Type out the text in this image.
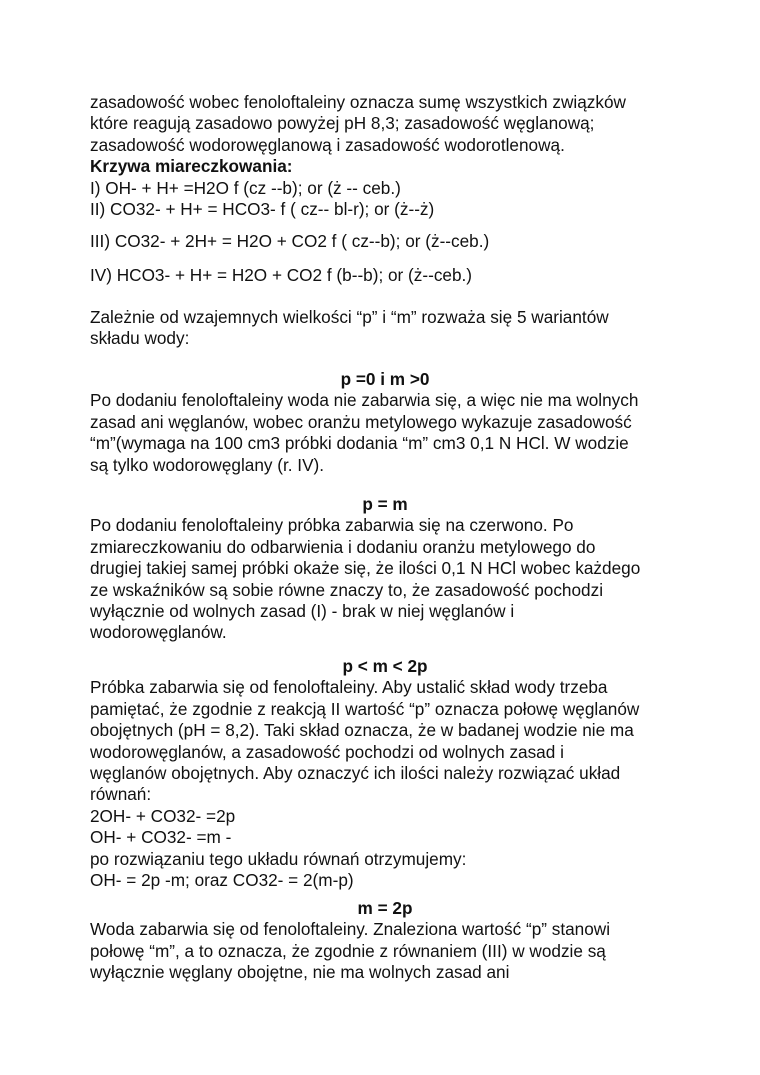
zasadowość wobec fenoloftaleiny oznacza sumę wszystkich związków
które reagują zasadowo powyżej pH 8,3; zasadowość węglanową;
zasadowość wodorowęglanową i zasadowość wodorotlenową.
Krzywa miareczkowania:
I) OH- + H+ =H2O f (cz --b); or (ż -- ceb.)
II) CO32- + H+ = HCO3- f ( cz-- bl-r); or (ż--ż)
III) CO32- + 2H+ = H2O + CO2 f ( cz--b); or (ż--ceb.)
IV) HCO3- + H+ = H2O + CO2 f (b--b); or (ż--ceb.)
Zależnie od wzajemnych wielkości “p” i “m” rozważa się 5 wariantów
składu wody:
p =0 i m >0
Po dodaniu fenoloftaleiny woda nie zabarwia się, a więc nie ma wolnych
zasad ani węglanów, wobec oranżu metylowego wykazuje zasadowość
“m”(wymaga na 100 cm3 próbki dodania “m” cm3 0,1 N HCl. W wodzie
są tylko wodorowęglany (r. IV).
p = m
Po dodaniu fenoloftaleiny próbka zabarwia się na czerwono. Po
zmiareczkowaniu do odbarwienia i dodaniu oranżu metylowego do
drugiej takiej samej próbki okaże się, że ilości 0,1 N HCl wobec każdego
ze wskaźników są sobie równe znaczy to, że zasadowość pochodzi
wyłącznie od wolnych zasad (I) - brak w niej węglanów i
wodorowęglanów.
p < m < 2p
Próbka zabarwia się od fenoloftaleiny. Aby ustalić skład wody trzeba
pamiętać, że zgodnie z reakcją II wartość “p” oznacza połowę węglanów
obojętnych (pH = 8,2). Taki skład oznacza, że w badanej wodzie nie ma
wodorowęglanów, a zasadowość pochodzi od wolnych zasad i
węglanów obojętnych. Aby oznaczyć ich ilości należy rozwiązać układ
równań:
2OH- + CO32- =2p
OH- + CO32- =m -
po rozwiązaniu tego układu równań otrzymujemy:
OH- = 2p -m; oraz CO32- = 2(m-p)
m = 2p
Woda zabarwia się od fenoloftaleiny. Znaleziona wartość “p” stanowi
połowę “m”, a to oznacza, że zgodnie z równaniem (III) w wodzie są
wyłącznie węglany obojętne, nie ma wolnych zasad ani
